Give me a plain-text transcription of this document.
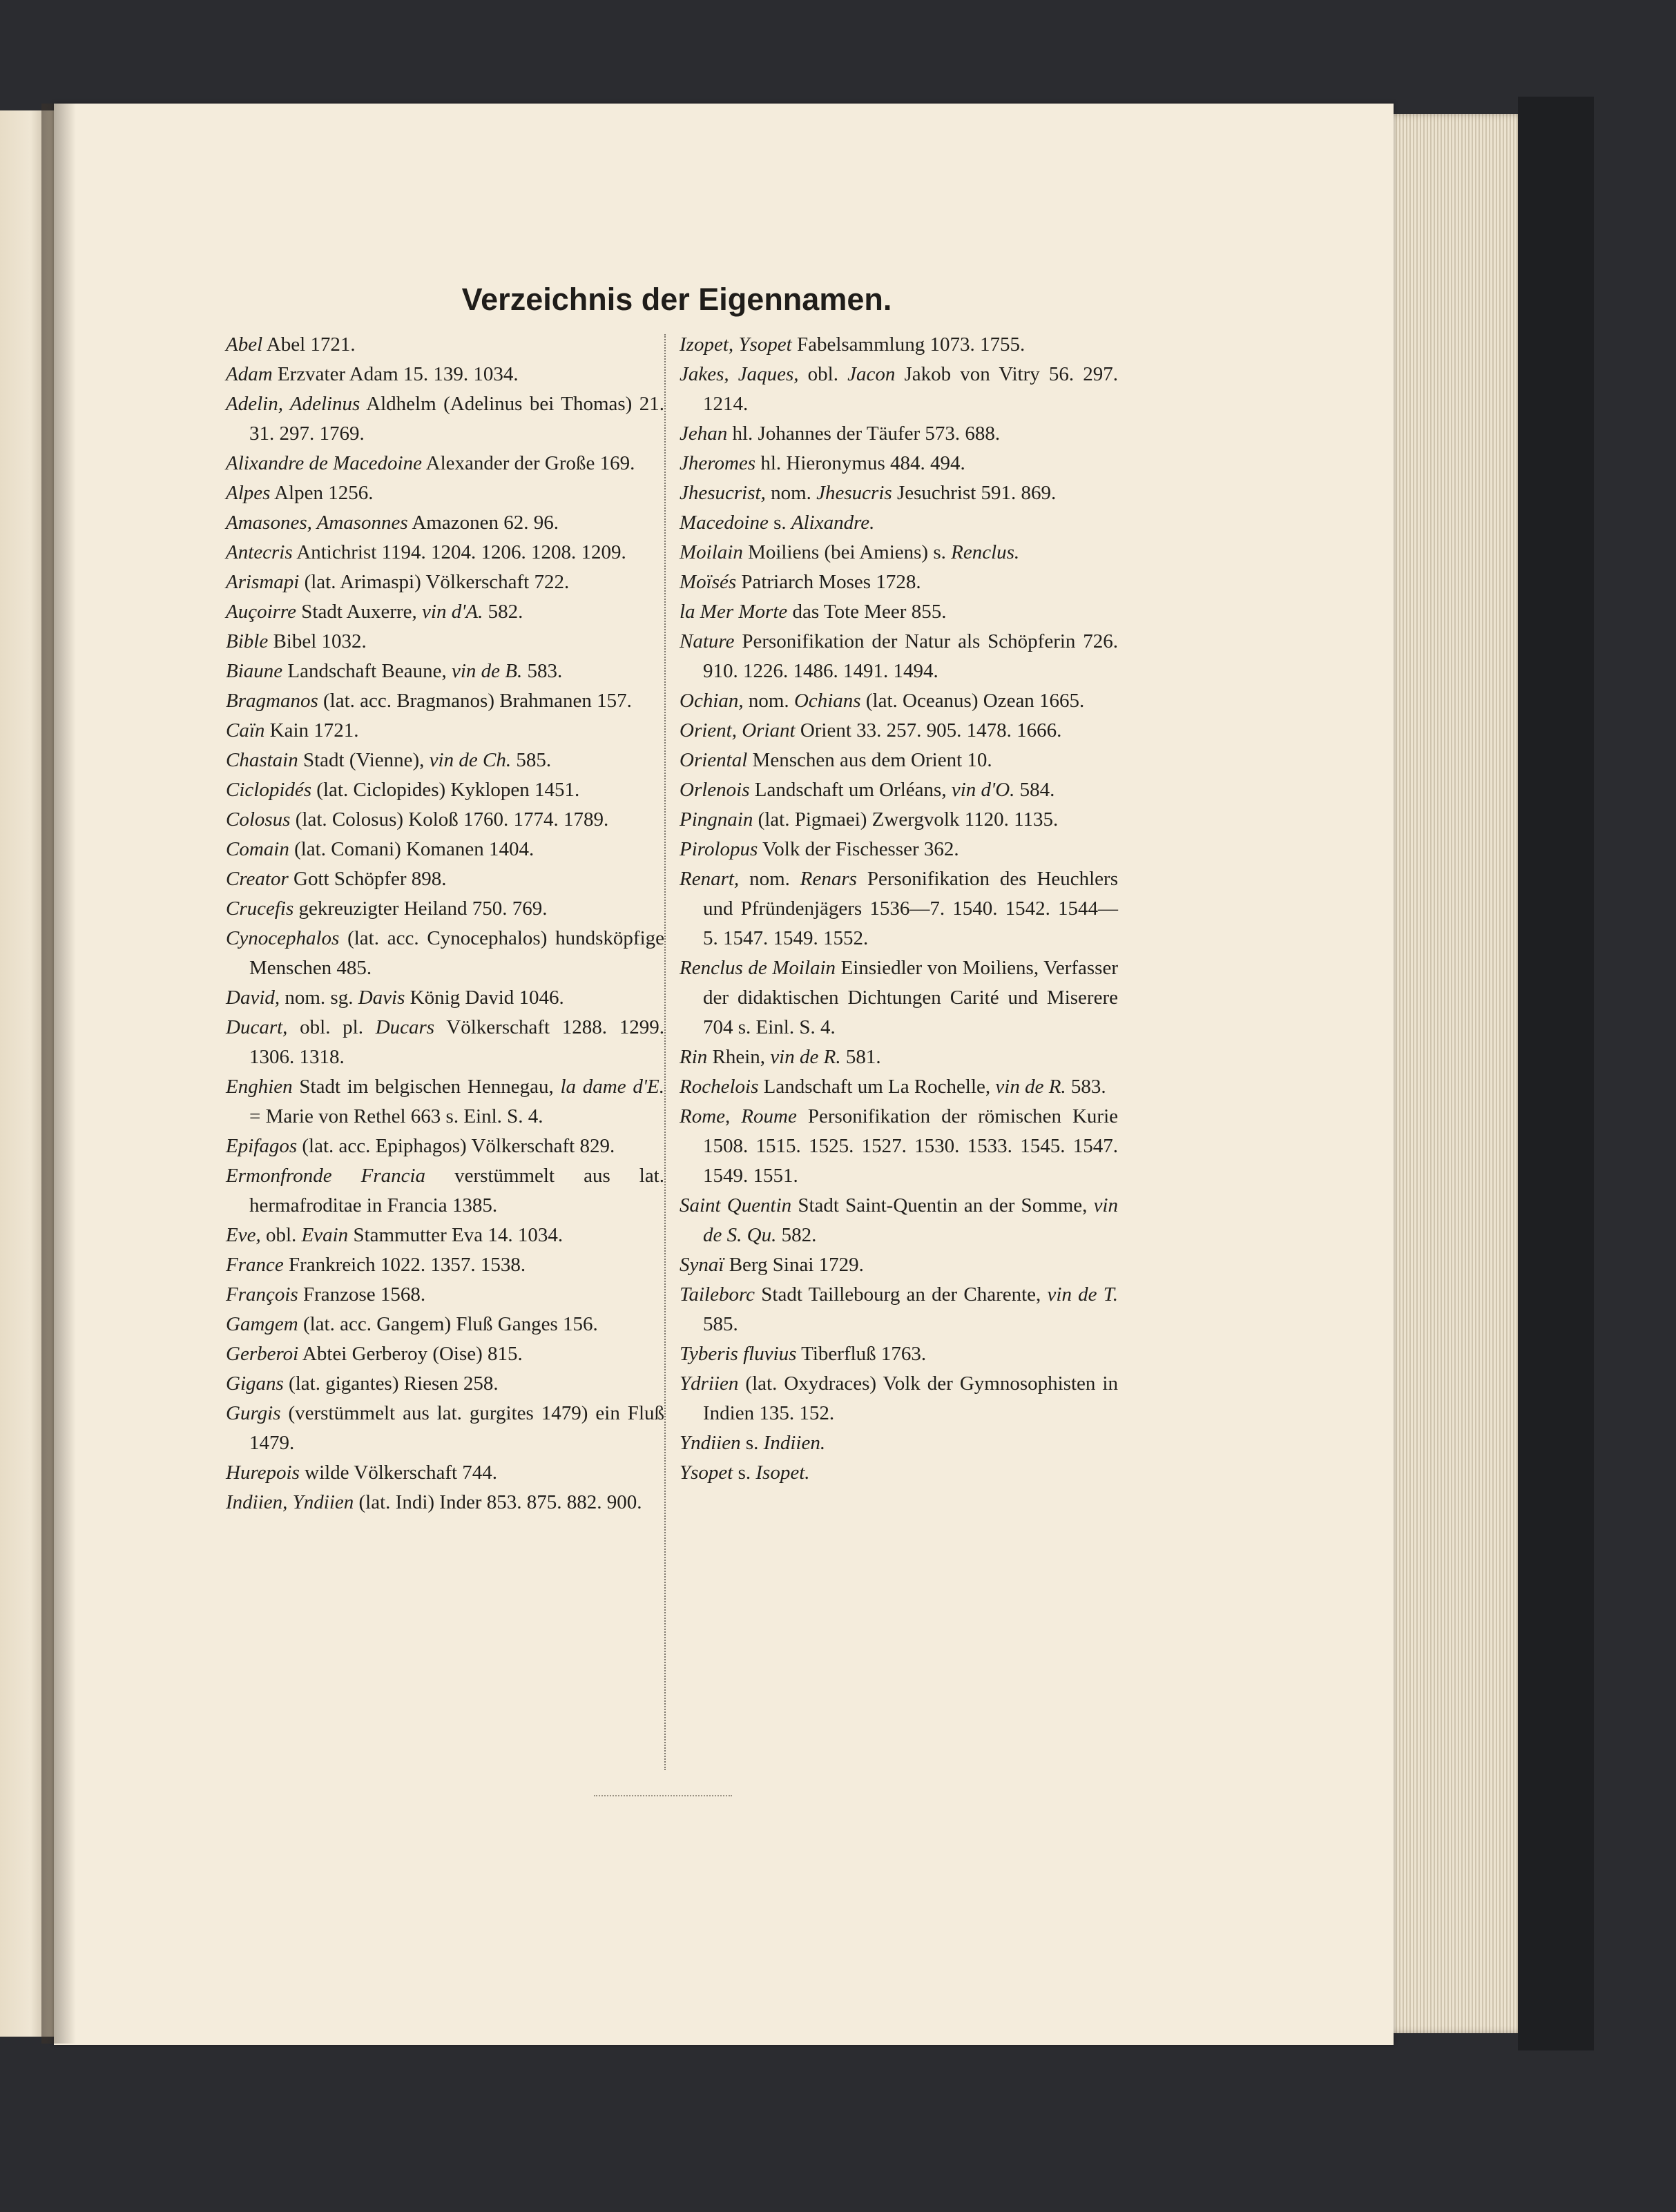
Verzeichnis der Eigennamen.

Abel Abel 1721.

Adam Erzvater Adam 15. 139. 1034.

Adelin, Adelinus Aldhelm (Adelinus bei Thomas) 21. 31. 297. 1769.

Alixandre de Macedoine Alexander der Große 169.

Alpes Alpen 1256.

Amasones, Amasonnes Amazonen 62. 96.

Antecris Antichrist 1194. 1204. 1206. 1208. 1209.

Arismapi (lat. Arimaspi) Völkerschaft 722.

Auçoirre Stadt Auxerre, vin d'A. 582.

Bible Bibel 1032.

Biaune Landschaft Beaune, vin de B. 583.

Bragmanos (lat. acc. Bragmanos) Brahmanen 157.

Caïn Kain 1721.

Chastain Stadt (Vienne), vin de Ch. 585.

Ciclopidés (lat. Ciclopides) Kyklopen 1451.

Colosus (lat. Colosus) Koloß 1760. 1774. 1789.

Comain (lat. Comani) Komanen 1404.

Creator Gott Schöpfer 898.

Crucefis gekreuzigter Heiland 750. 769.

Cynocephalos (lat. acc. Cynocephalos) hundsköpfige Menschen 485.

David, nom. sg. Davis König David 1046.

Ducart, obl. pl. Ducars Völkerschaft 1288. 1299. 1306. 1318.

Enghien Stadt im belgischen Hennegau, la dame d'E. = Marie von Rethel 663 s. Einl. S. 4.

Epifagos (lat. acc. Epiphagos) Völkerschaft 829.

Ermonfronde Francia verstümmelt aus lat. hermafroditae in Francia 1385.

Eve, obl. Evain Stammutter Eva 14. 1034.

France Frankreich 1022. 1357. 1538.

François Franzose 1568.

Gamgem (lat. acc. Gangem) Fluß Ganges 156.

Gerberoi Abtei Gerberoy (Oise) 815.

Gigans (lat. gigantes) Riesen 258.

Gurgis (verstümmelt aus lat. gurgites 1479) ein Fluß 1479.

Hurepois wilde Völkerschaft 744.

Indiien, Yndiien (lat. Indi) Inder 853. 875. 882. 900.

Izopet, Ysopet Fabelsammlung 1073. 1755.

Jakes, Jaques, obl. Jacon Jakob von Vitry 56. 297. 1214.

Jehan hl. Johannes der Täufer 573. 688.

Jheromes hl. Hieronymus 484. 494.

Jhesucrist, nom. Jhesucris Jesuchrist 591. 869.

Macedoine s. Alixandre.

Moilain Moiliens (bei Amiens) s. Renclus.

Moïsés Patriarch Moses 1728.

la Mer Morte das Tote Meer 855.

Nature Personifikation der Natur als Schöpferin 726. 910. 1226. 1486. 1491. 1494.

Ochian, nom. Ochians (lat. Oceanus) Ozean 1665.

Orient, Oriant Orient 33. 257. 905. 1478. 1666.

Oriental Menschen aus dem Orient 10.

Orlenois Landschaft um Orléans, vin d'O. 584.

Pingnain (lat. Pigmaei) Zwergvolk 1120. 1135.

Pirolopus Volk der Fischesser 362.

Renart, nom. Renars Personifikation des Heuchlers und Pfründenjägers 1536—7. 1540. 1542. 1544—5. 1547. 1549. 1552.

Renclus de Moilain Einsiedler von Moiliens, Verfasser der didaktischen Dichtungen Carité und Miserere 704 s. Einl. S. 4.

Rin Rhein, vin de R. 581.

Rochelois Landschaft um La Rochelle, vin de R. 583.

Rome, Roume Personifikation der römischen Kurie 1508. 1515. 1525. 1527. 1530. 1533. 1545. 1547. 1549. 1551.

Saint Quentin Stadt Saint-Quentin an der Somme, vin de S. Qu. 582.

Synaï Berg Sinai 1729.

Taileborc Stadt Taillebourg an der Charente, vin de T. 585.

Tyberis fluvius Tiberfluß 1763.

Ydriien (lat. Oxydraces) Volk der Gymnosophisten in Indien 135. 152.

Yndiien s. Indiien.

Ysopet s. Isopet.
